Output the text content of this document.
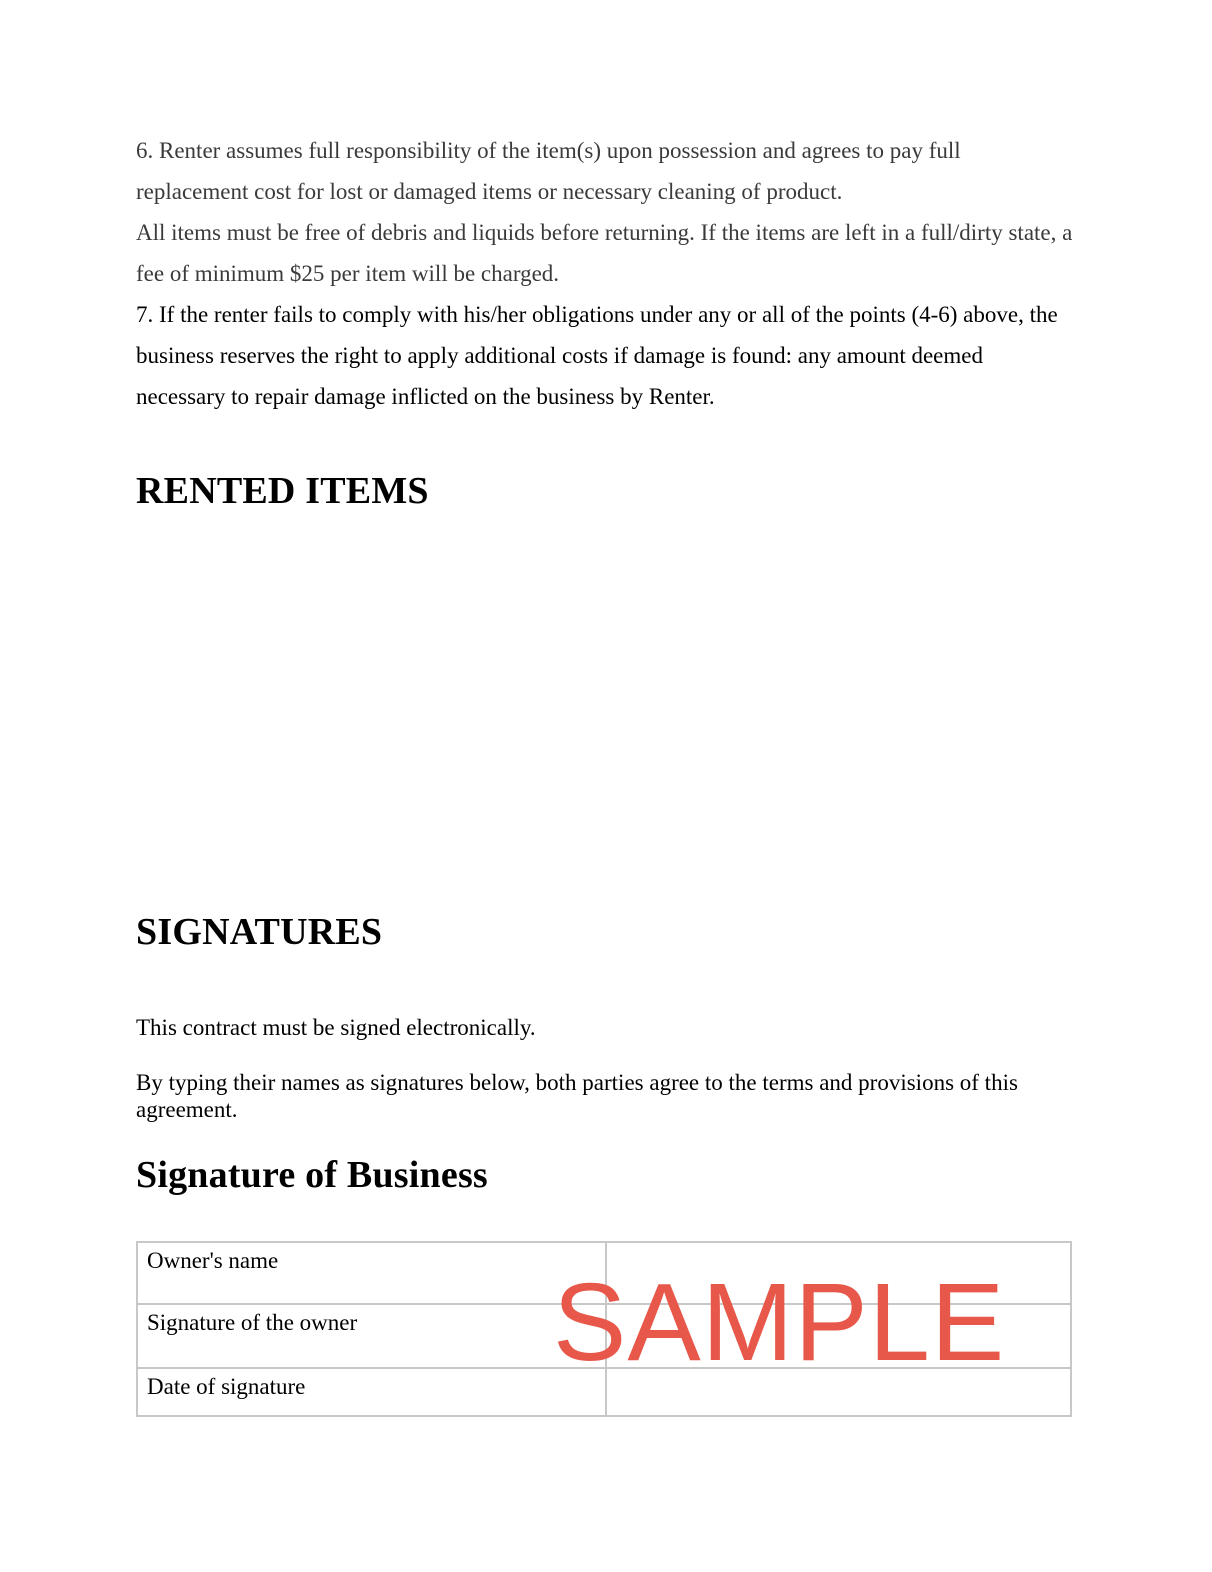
6. Renter assumes full responsibility of the item(s) upon possession and agrees to pay full replacement cost for lost or damaged items or necessary cleaning of product.

All items must be free of debris and liquids before returning. If the items are left in a full/dirty state, a fee of minimum $25 per item will be charged.

7. If the renter fails to comply with his/her obligations under any or all of the points (4-6) above, the business reserves the right to apply additional costs if damage is found: any amount deemed necessary to repair damage inflicted on the business by Renter.

RENTED ITEMS
SIGNATURES

This contract must be signed electronically.

By typing their names as signatures below, both parties agree to the terms and provisions of this agreement.

Signature of Business
Owner's name	
Signature of the owner	
Date of signature	
SAMPLE
